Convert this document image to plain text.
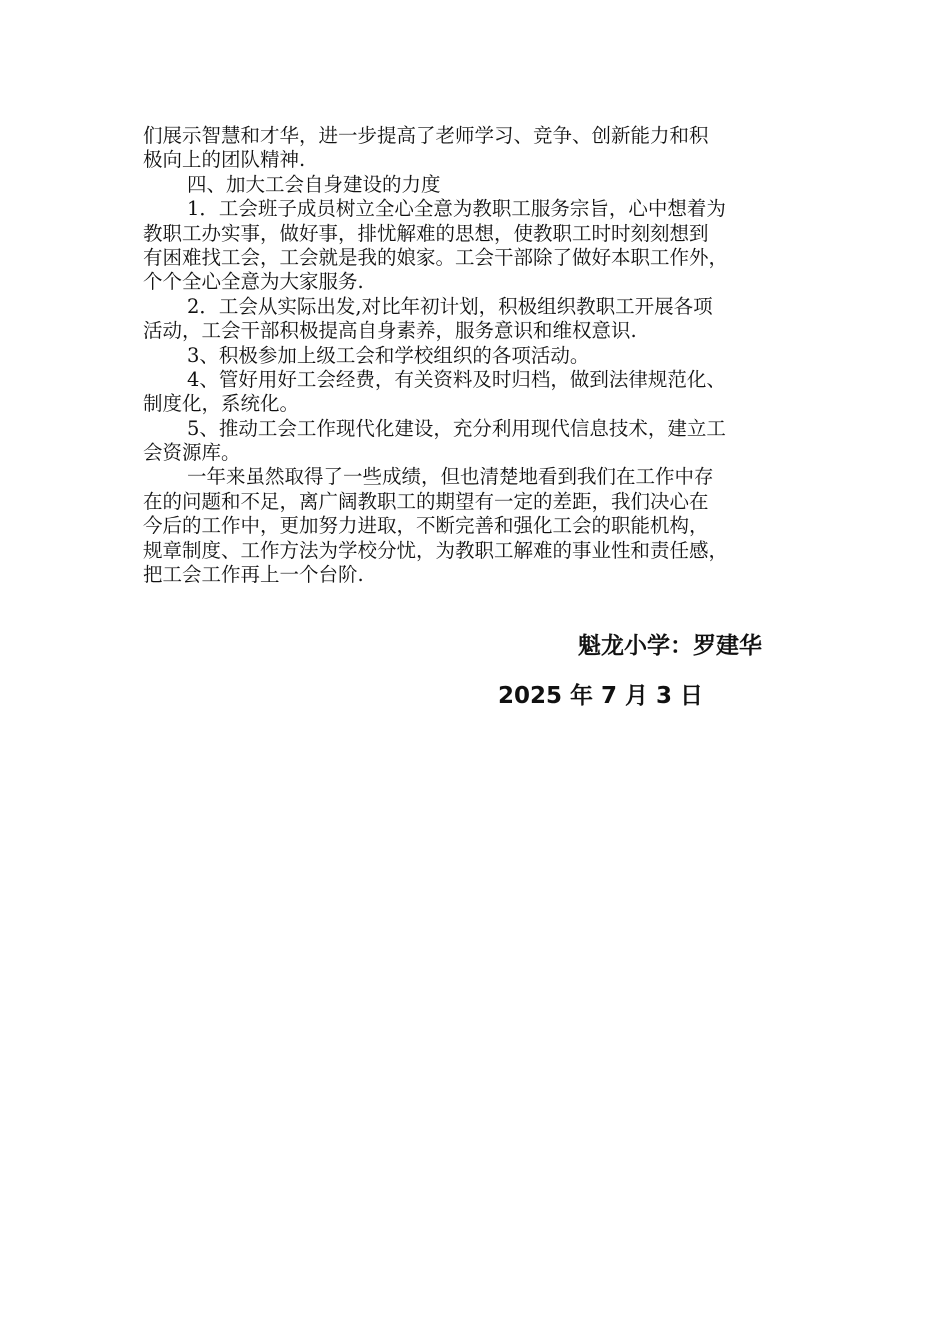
们展示智慧和才华，进一步提高了老师学习、竞争、创新能力和积
极向上的团队精神.
四、加大工会自身建设的力度
1．工会班子成员树立全心全意为教职工服务宗旨，心中想着为
教职工办实事，做好事，排忧解难的思想，使教职工时时刻刻想到
有困难找工会，工会就是我的娘家。工会干部除了做好本职工作外，
个个全心全意为大家服务.
2．工会从实际出发,对比年初计划，积极组织教职工开展各项
活动，工会干部积极提高自身素养，服务意识和维权意识.
3、积极参加上级工会和学校组织的各项活动。
4、管好用好工会经费，有关资料及时归档，做到法律规范化、
制度化，系统化。
5、推动工会工作现代化建设，充分利用现代信息技术，建立工
会资源库。
一年来虽然取得了一些成绩，但也清楚地看到我们在工作中存
在的问题和不足，离广阔教职工的期望有一定的差距，我们决心在
今后的工作中，更加努力进取，不断完善和强化工会的职能机构，
规章制度、工作方法为学校分忧，为教职工解难的事业性和责任感，
把工会工作再上一个台阶.
魁龙小学：罗建华
2025 年 7 月 3 日
